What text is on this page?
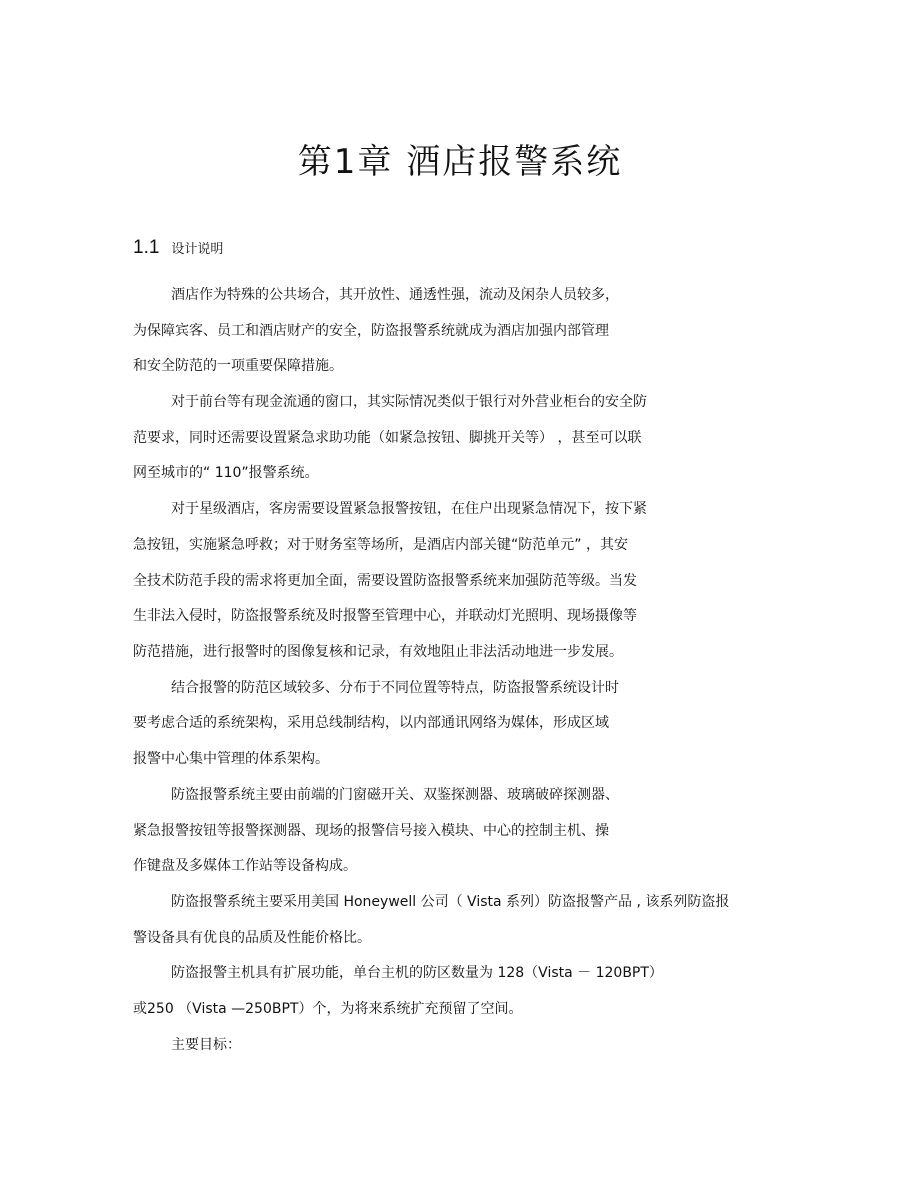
第1章 酒店报警系统
1.1 设计说明
酒店作为特殊的公共场合，其开放性、通透性强，流动及闲杂人员较多，
为保障宾客、员工和酒店财产的安全，防盗报警系统就成为酒店加强内部管理
和安全防范的一项重要保障措施。
对于前台等有现金流通的窗口，其实际情况类似于银行对外营业柜台的安全防
范要求，同时还需要设置紧急求助功能（如紧急按钮、脚挑开关等） ，甚至可以联
网至城市的“ 110”报警系统。
对于星级酒店，客房需要设置紧急报警按钮，在住户出现紧急情况下，按下紧
急按钮，实施紧急呼救；对于财务室等场所，是酒店内部关键“防范单元” ，其安
全技术防范手段的需求将更加全面，需要设置防盗报警系统来加强防范等级。当发
生非法入侵时，防盗报警系统及时报警至管理中心，并联动灯光照明、现场摄像等
防范措施，进行报警时的图像复核和记录，有效地阻止非法活动地进一步发展。
结合报警的防范区域较多、分布于不同位置等特点，防盗报警系统设计时
要考虑合适的系统架构，采用总线制结构，以内部通讯网络为媒体，形成区域
报警中心集中管理的体系架构。
防盗报警系统主要由前端的门窗磁开关、双鉴探测器、玻璃破碎探测器、
紧急报警按钮等报警探测器、现场的报警信号接入模块、中心的控制主机、操
作键盘及多媒体工作站等设备构成。
防盗报警系统主要采用美国 Honeywell 公司（ Vista 系列）防盗报警产品 , 该系列防盗报
警设备具有优良的品质及性能价格比。
防盗报警主机具有扩展功能，单台主机的防区数量为 128（Vista － 120BPT）
或250 （Vista —250BPT）个，为将来系统扩充预留了空间。
主要目标：
